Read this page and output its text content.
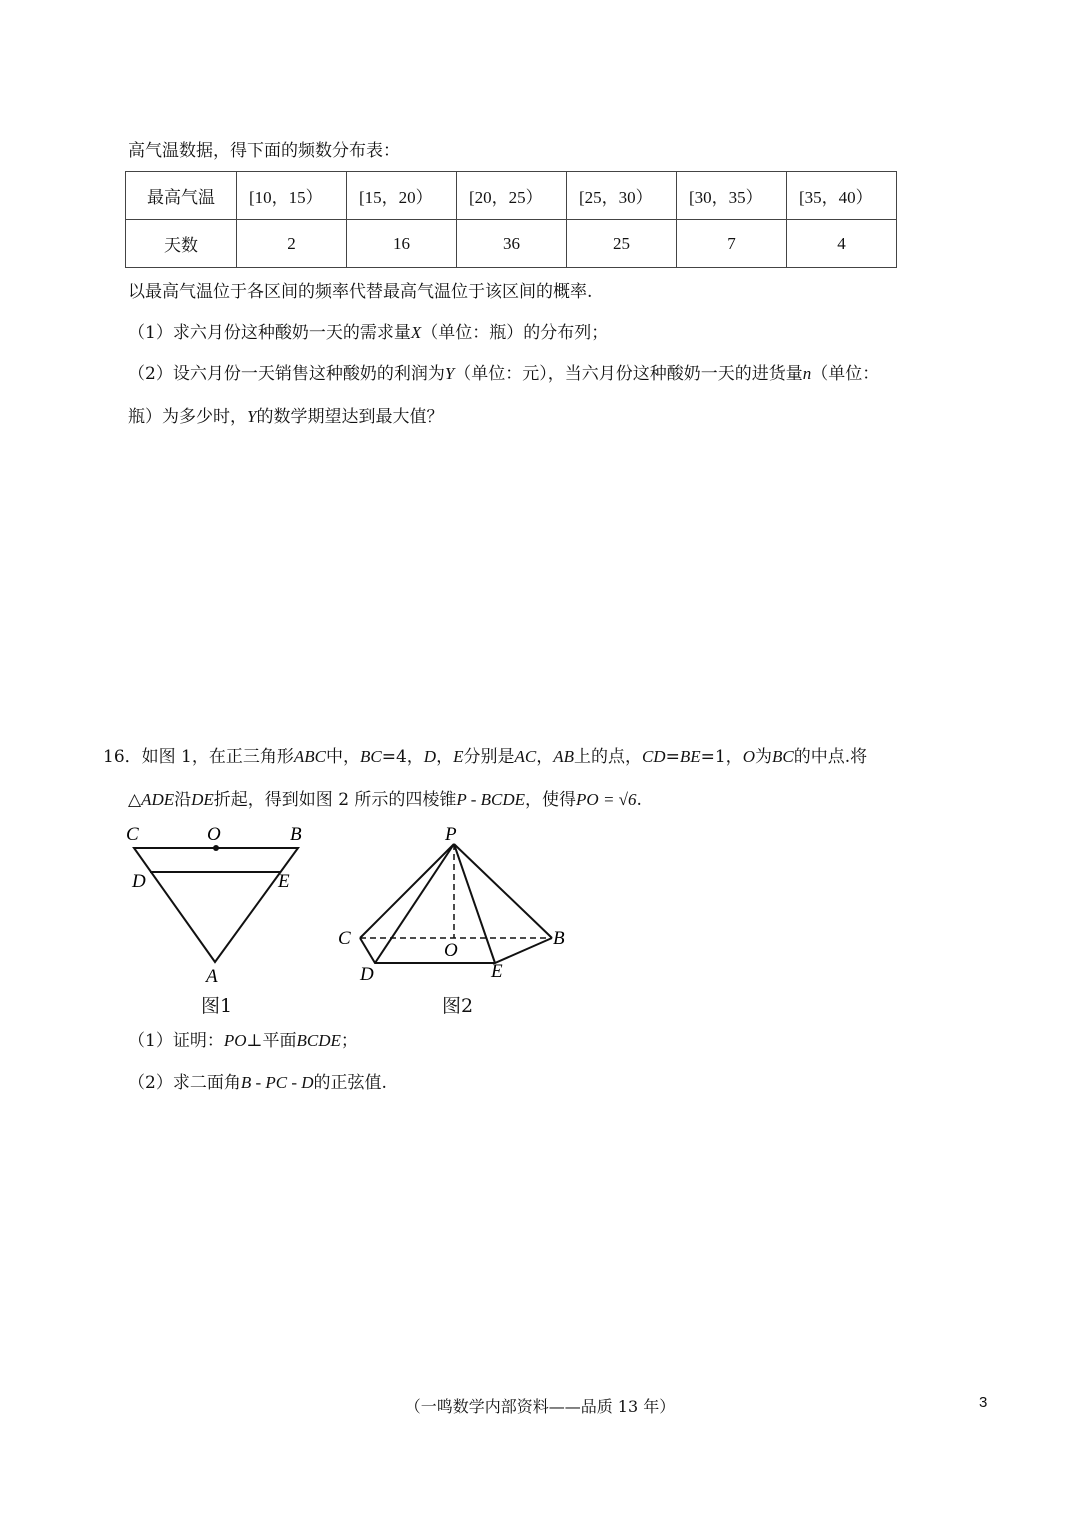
高气温数据，得下面的频数分布表：
最高气温	[10，15）	[15，20）	[20，25）	[25，30）	[30，35）	[35，40）
天数	2	16	36	25	7	4
以最高气温位于各区间的频率代替最高气温位于该区间的概率.
（1）求六月份这种酸奶一天的需求量X（单位：瓶）的分布列；
（2）设六月份一天销售这种酸奶的利润为Y（单位：元），当六月份这种酸奶一天的进货量n（单位：
瓶）为多少时，Y的数学期望达到最大值？
16．如图 1，在正三角形ABC中，BC=4，D，E分别是AC，AB上的点，CD=BE=1，O为BC的中点.将
△ADE沿DE折起，得到如图 2 所示的四棱锥P - BCDE，使得PO = √6.
C	O	B
D	E
A
图1
P
C
O
B
D	E
图2
（1）证明：PO⊥平面BCDE；
（2）求二面角B - PC - D的正弦值.
（一鸣数学内部资料——品质 13 年）	3
